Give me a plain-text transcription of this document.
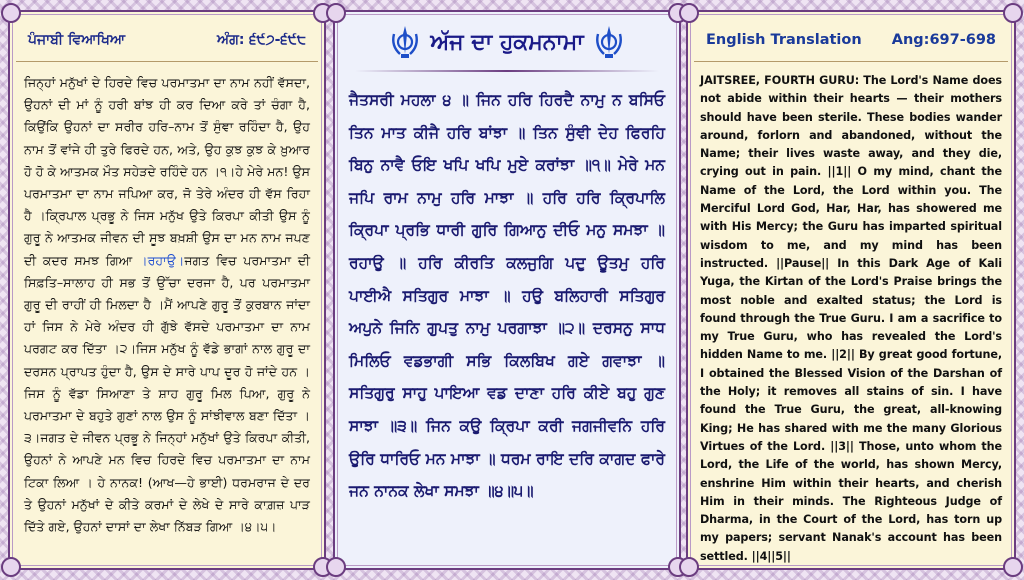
ਪੰਜਾਬੀ ਵਿਆਖਿਆ	ਅੰਗ: ੬੯੭-੬੯੮
ਜਿਨ੍ਹਾਂ ਮਨੁੱਖਾਂ ਦੇ ਹਿਰਦੇ ਵਿਚ ਪਰਮਾਤਮਾ ਦਾ ਨਾਮ ਨਹੀਂ ਵੱਸਦਾ, ਉਹਨਾਂ ਦੀ ਮਾਂ ਨੂੰ ਹਰੀ ਬਾਂਝ ਹੀ ਕਰ ਦਿਆ ਕਰੇ ਤਾਂ ਚੰਗਾ ਹੈ, ਕਿਉਂਕਿ ਉਹਨਾਂ ਦਾ ਸਰੀਰ ਹਰਿ–ਨਾਮ ਤੋਂ ਸੁੰਞਾ ਰਹਿੰਦਾ ਹੈ, ਉਹ ਨਾਮ ਤੋਂ ਵਾਂਜੇ ਹੀ ਤੁਰੇ ਫਿਰਦੇ ਹਨ, ਅਤੇ, ਉਹ ਕੁਝ ਕੁਝ ਕੇ ਖ਼ੁਆਰ ਹੋ ਹੋ ਕੇ ਆਤਮਕ ਮੌਤ ਸਹੇੜਦੇ ਰਹਿੰਦੇ ਹਨ ।੧।ਹੇ ਮੇਰੇ ਮਨ! ਉਸ ਪਰਮਾਤਮਾ ਦਾ ਨਾਮ ਜਪਿਆ ਕਰ, ਜੋ ਤੇਰੇ ਅੰਦਰ ਹੀ ਵੱਸ ਰਿਹਾ ਹੈ ।ਕ੍ਰਿਪਾਲ ਪ੍ਰਭੂ ਨੇ ਜਿਸ ਮਨੁੱਖ ਉਤੇ ਕਿਰਪਾ ਕੀਤੀ ਉਸ ਨੂੰ ਗੁਰੂ ਨੇ ਆਤਮਕ ਜੀਵਨ ਦੀ ਸੂਝ ਬਖ਼ਸ਼ੀ ਉਸ ਦਾ ਮਨ ਨਾਮ ਜਪਣ ਦੀ ਕਦਰ ਸਮਝ ਗਿਆ ।ਰਹਾਉ।ਜਗਤ ਵਿਚ ਪਰਮਾਤਮਾ ਦੀ ਸਿਫ਼ਤਿ–ਸਾਲਾਹ ਹੀ ਸਭ ਤੋਂ ਉੱਚਾ ਦਰਜਾ ਹੈ, ਪਰ ਪਰਮਾਤਮਾ ਗੁਰੂ ਦੀ ਰਾਹੀਂ ਹੀ ਮਿਲਦਾ ਹੈ ।ਮੈਂ ਆਪਣੇ ਗੁਰੂ ਤੋਂ ਕੁਰਬਾਨ ਜਾਂਦਾ ਹਾਂ ਜਿਸ ਨੇ ਮੇਰੇ ਅੰਦਰ ਹੀ ਗੁੱਝੇ ਵੱਸਦੇ ਪਰਮਾਤਮਾ ਦਾ ਨਾਮ ਪਰਗਟ ਕਰ ਦਿੱਤਾ ।੨।ਜਿਸ ਮਨੁੱਖ ਨੂੰ ਵੱਡੇ ਭਾਗਾਂ ਨਾਲ ਗੁਰੂ ਦਾ ਦਰਸਨ ਪ੍ਰਾਪਤ ਹੁੰਦਾ ਹੈ, ਉਸ ਦੇ ਸਾਰੇ ਪਾਪ ਦੂਰ ਹੋ ਜਾਂਦੇ ਹਨ । ਜਿਸ ਨੂੰ ਵੱਡਾ ਸਿਆਣਾ ਤੇ ਸ਼ਾਹ ਗੁਰੂ ਮਿਲ ਪਿਆ, ਗੁਰੂ ਨੇ ਪਰਮਾਤਮਾ ਦੇ ਬਹੁਤੇ ਗੁਣਾਂ ਨਾਲ ਉਸ ਨੂੰ ਸਾਂਝੀਵਾਲ ਬਣਾ ਦਿੱਤਾ ।੩।ਜਗਤ ਦੇ ਜੀਵਨ ਪ੍ਰਭੂ ਨੇ ਜਿਨ੍ਹਾਂ ਮਨੁੱਖਾਂ ਉਤੇ ਕਿਰਪਾ ਕੀਤੀ, ਉਹਨਾਂ ਨੇ ਆਪਣੇ ਮਨ ਵਿਚ ਹਿਰਦੇ ਵਿਚ ਪਰਮਾਤਮਾ ਦਾ ਨਾਮ ਟਿਕਾ ਲਿਆ । ਹੇ ਨਾਨਕ! (ਆਖ—ਹੇ ਭਾਈ) ਧਰਮਰਾਜ ਦੇ ਦਰ ਤੇ ਉਹਨਾਂ ਮਨੁੱਖਾਂ ਦੇ ਕੀਤੇ ਕਰਮਾਂ ਦੇ ਲੇਖੇ ਦੇ ਸਾਰੇ ਕਾਗ਼ਜ਼ ਪਾੜ ਦਿੱਤੇ ਗਏ, ਉਹਨਾਂ ਦਾਸਾਂ ਦਾ ਲੇਖਾ ਨਿੱਬੜ ਗਿਆ ।੪।੫।
ਅੱਜ ਦਾ ਹੁਕਮਨਾਮਾ
ਜੈਤਸਰੀ ਮਹਲਾ ੪ ॥ ਜਿਨ ਹਰਿ ਹਿਰਦੈ ਨਾਮੁ ਨ ਬਸਿਓ ਤਿਨ ਮਾਤ ਕੀਜੈ ਹਰਿ ਬਾਂਝਾ ॥ ਤਿਨ ਸੁੰਞੀ ਦੇਹ ਫਿਰਹਿ ਬਿਨੁ ਨਾਵੈ ਓਇ ਖਪਿ ਖਪਿ ਮੁਏ ਕਰਾਂਝਾ ॥੧॥ ਮੇਰੇ ਮਨ ਜਪਿ ਰਾਮ ਨਾਮੁ ਹਰਿ ਮਾਝਾ ॥ ਹਰਿ ਹਰਿ ਕ੍ਰਿਪਾਲਿ ਕ੍ਰਿਪਾ ਪ੍ਰਭਿ ਧਾਰੀ ਗੁਰਿ ਗਿਆਨੁ ਦੀਓ ਮਨੁ ਸਮਝਾ ॥ ਰਹਾਉ ॥ ਹਰਿ ਕੀਰਤਿ ਕਲਜੁਗਿ ਪਦੁ ਊਤਮੁ ਹਰਿ ਪਾਈਐ ਸਤਿਗੁਰ ਮਾਝਾ ॥ ਹਉ ਬਲਿਹਾਰੀ ਸਤਿਗੁਰ ਅਪੁਨੇ ਜਿਨਿ ਗੁਪਤੁ ਨਾਮੁ ਪਰਗਾਝਾ ॥੨॥ ਦਰਸਨੁ ਸਾਧ ਮਿਲਿਓ ਵਡਭਾਗੀ ਸਭਿ ਕਿਲਬਿਖ ਗਏ ਗਵਾਝਾ ॥ ਸਤਿਗੁਰੁ ਸਾਹੁ ਪਾਇਆ ਵਡ ਦਾਣਾ ਹਰਿ ਕੀਏ ਬਹੁ ਗੁਣ ਸਾਝਾ ॥੩॥ ਜਿਨ ਕਉ ਕ੍ਰਿਪਾ ਕਰੀ ਜਗਜੀਵਨਿ ਹਰਿ ਉਰਿ ਧਾਰਿਓ ਮਨ ਮਾਝਾ ॥ ਧਰਮ ਰਾਇ ਦਰਿ ਕਾਗਦ ਫਾਰੇ ਜਨ ਨਾਨਕ ਲੇਖਾ ਸਮਝਾ ॥੪॥੫॥
English Translation Ang:697-698
JAITSREE, FOURTH GURU: The Lord's Name does not abide within their hearts — their mothers should have been sterile. These bodies wander around, forlorn and abandoned, without the Name; their lives waste away, and they die, crying out in pain. ||1|| O my mind, chant the Name of the Lord, the Lord within you. The Merciful Lord God, Har, Har, has showered me with His Mercy; the Guru has imparted spiritual wisdom to me, and my mind has been instructed. ||Pause|| In this Dark Age of Kali Yuga, the Kirtan of the Lord's Praise brings the most noble and exalted status; the Lord is found through the True Guru. I am a sacrifice to my True Guru, who has revealed the Lord's hidden Name to me. ||2|| By great good fortune, I obtained the Blessed Vision of the Darshan of the Holy; it removes all stains of sin. I have found the True Guru, the great, all-knowing King; He has shared with me the many Glorious Virtues of the Lord. ||3|| Those, unto whom the Lord, the Life of the world, has shown Mercy, enshrine Him within their hearts, and cherish Him in their minds. The Righteous Judge of Dharma, in the Court of the Lord, has torn up my papers; servant Nanak's account has been settled. ||4||5||
